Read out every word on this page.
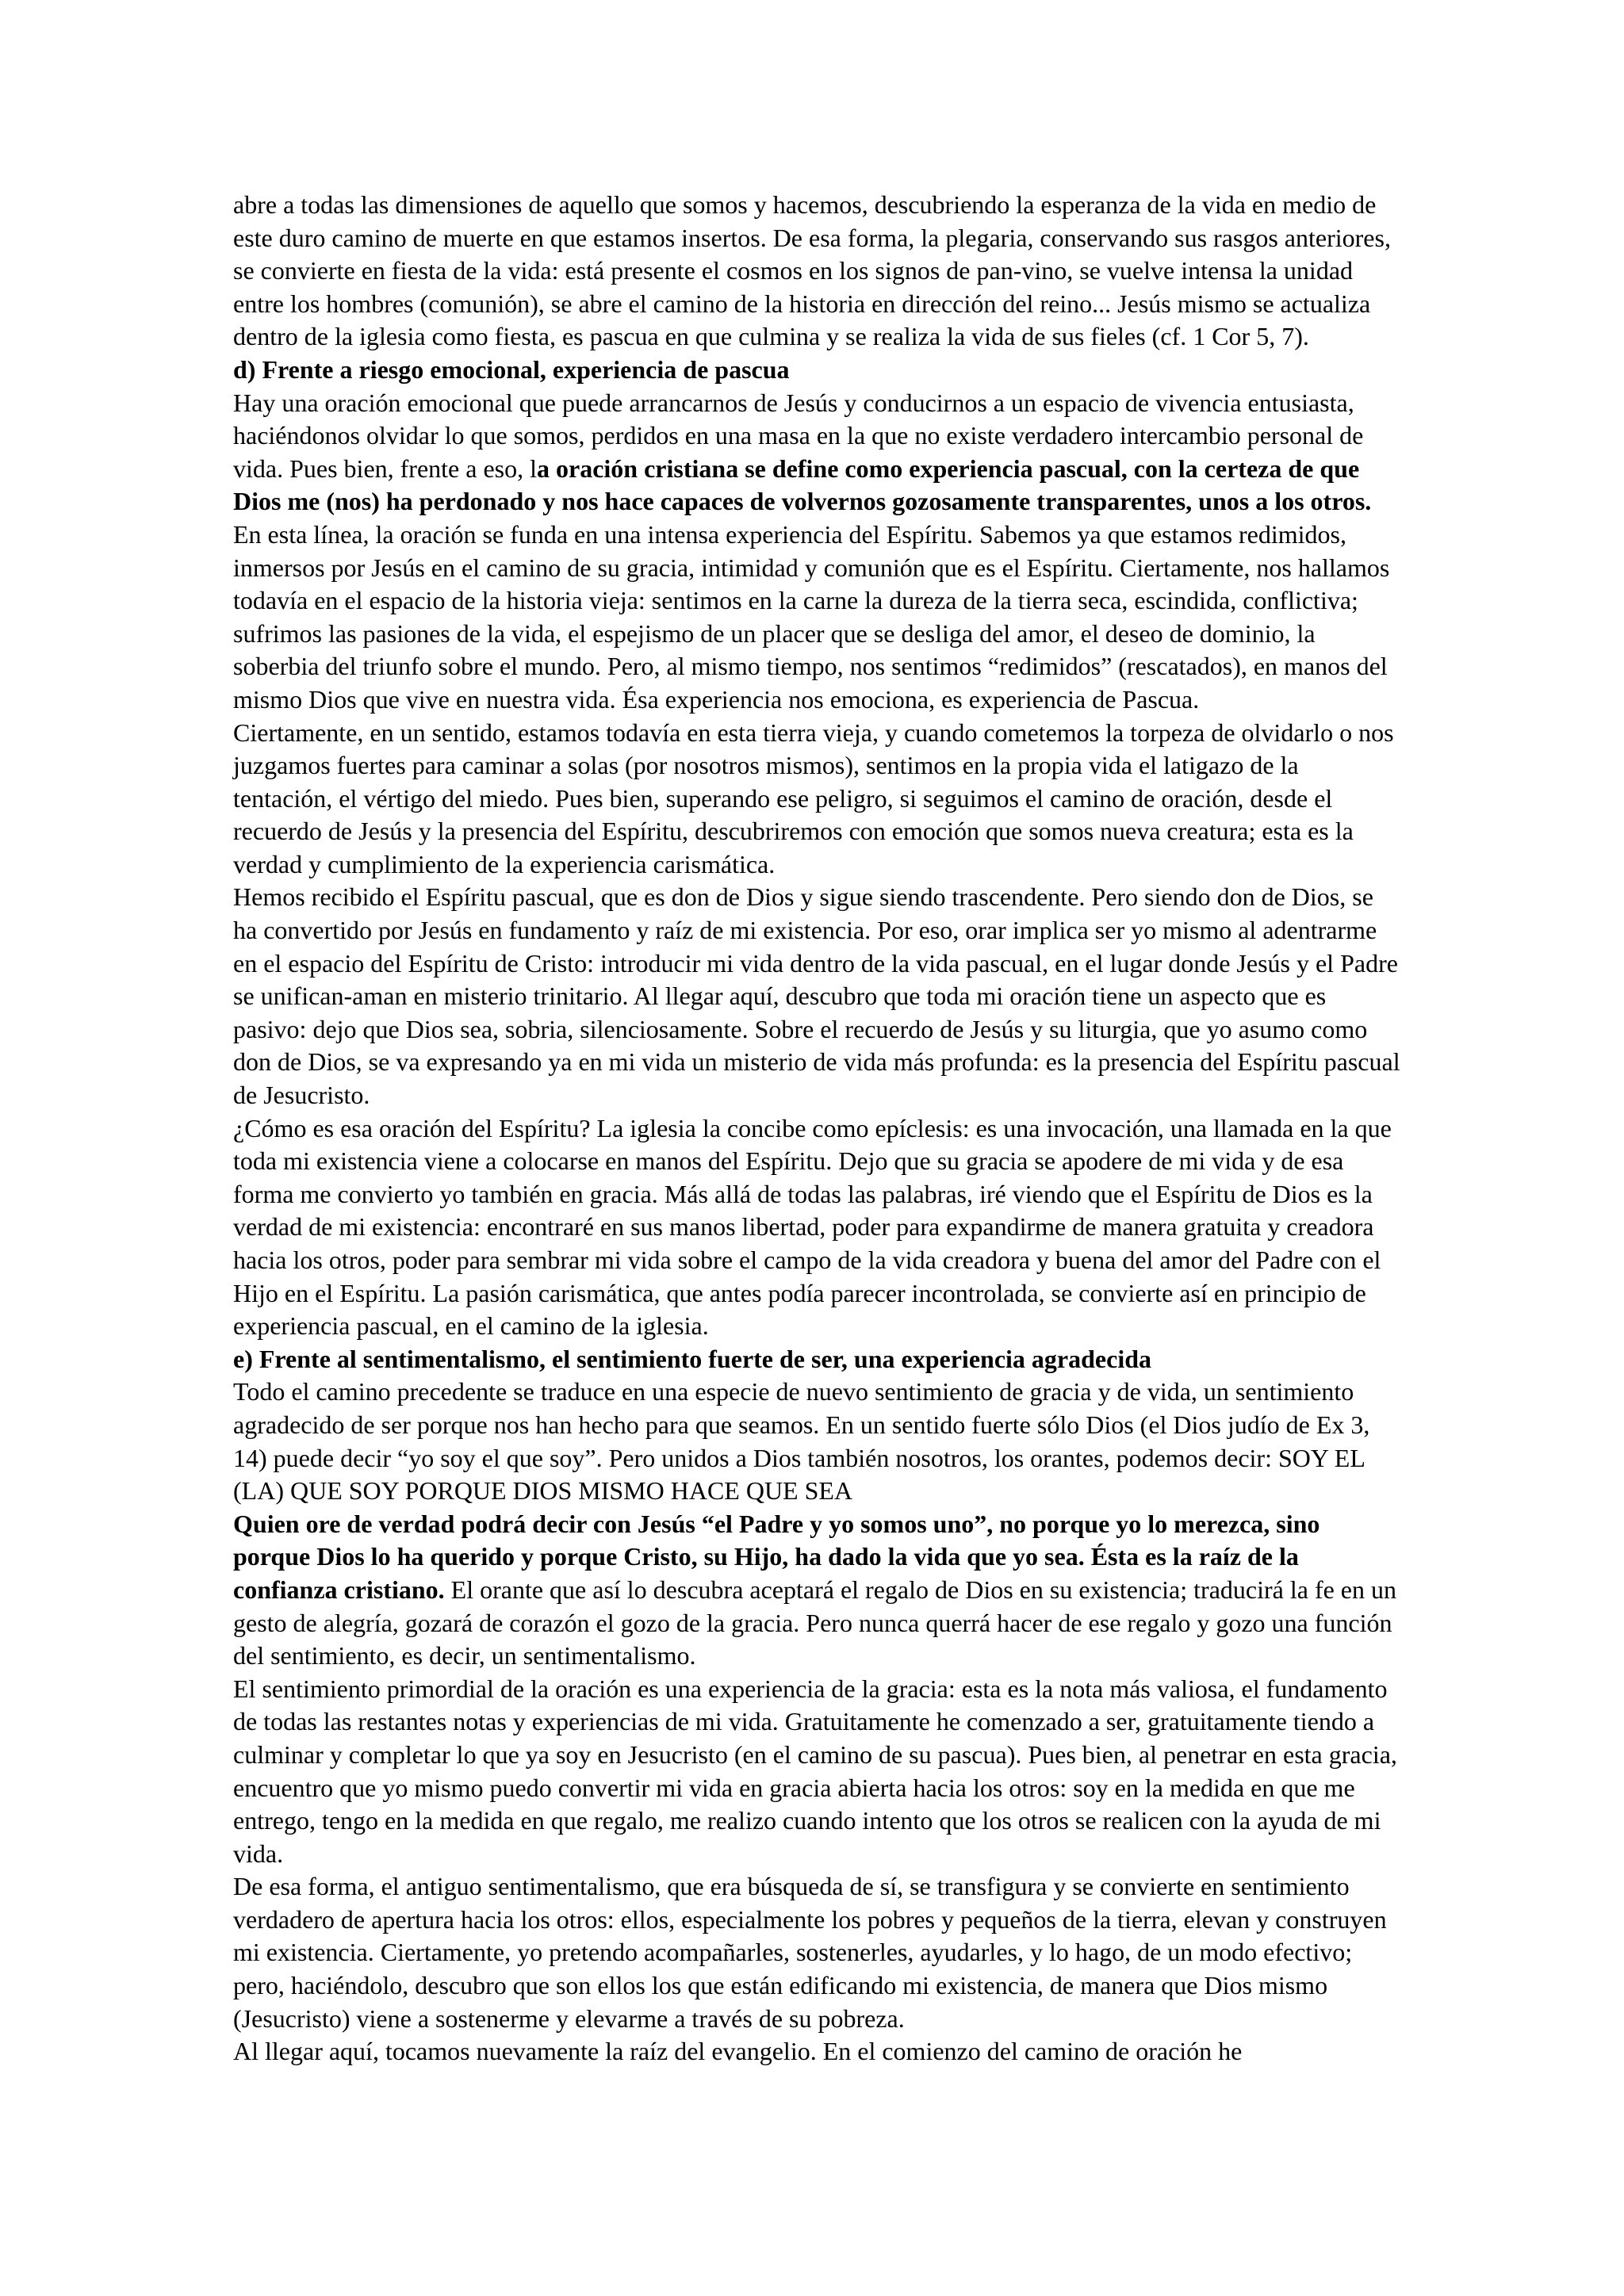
abre a todas las dimensiones de aquello que somos y hacemos, descubriendo la esperanza de la vida en medio de este duro camino de muerte en que estamos insertos. De esa forma, la plegaria, conservando sus rasgos anteriores, se convierte en fiesta de la vida: está presente el cosmos en los signos de pan-vino, se vuelve intensa la unidad entre los hombres (comunión), se abre el camino de la historia en dirección del reino... Jesús mismo se actualiza dentro de la iglesia como fiesta, es pascua en que culmina y se realiza la vida de sus fieles (cf. 1 Cor 5, 7).

d) Frente a riesgo emocional, experiencia de pascua

Hay una oración emocional que puede arrancarnos de Jesús y conducirnos a un espacio de vivencia entusiasta, haciéndonos olvidar lo que somos, perdidos en una masa en la que no existe verdadero intercambio personal de vida. Pues bien, frente a eso, la oración cristiana se define como experiencia pascual, con la certeza de que Dios me (nos) ha perdonado y nos hace capaces de volvernos gozosamente transparentes, unos a los otros.

En esta línea, la oración se funda en una intensa experiencia del Espíritu. Sabemos ya que estamos redimidos, inmersos por Jesús en el camino de su gracia, intimidad y comunión que es el Espíritu. Ciertamente, nos hallamos todavía en el espacio de la historia vieja: sentimos en la carne la dureza de la tierra seca, escindida, conflictiva; sufrimos las pasiones de la vida, el espejismo de un placer que se desliga del amor, el deseo de dominio, la soberbia del triunfo sobre el mundo. Pero, al mismo tiempo, nos sentimos “redimidos” (rescatados), en manos del mismo Dios que vive en nuestra vida. Ésa experiencia nos emociona, es experiencia de Pascua.

Ciertamente, en un sentido, estamos todavía en esta tierra vieja, y cuando cometemos la torpeza de olvidarlo o nos juzgamos fuertes para caminar a solas (por nosotros mismos), sentimos en la propia vida el latigazo de la tentación, el vértigo del miedo. Pues bien, superando ese peligro, si seguimos el camino de oración, desde el recuerdo de Jesús y la presencia del Espíritu, descubriremos con emoción que somos nueva creatura; esta es la verdad y cumplimiento de la experiencia carismática.

Hemos recibido el Espíritu pascual, que es don de Dios y sigue siendo trascendente. Pero siendo don de Dios, se ha convertido por Jesús en fundamento y raíz de mi existencia. Por eso, orar implica ser yo mismo al adentrarme en el espacio del Espíritu de Cristo: introducir mi vida dentro de la vida pascual, en el lugar donde Jesús y el Padre se unifican-aman en misterio trinitario. Al llegar aquí, descubro que toda mi oración tiene un aspecto que es pasivo: dejo que Dios sea, sobria, silenciosamente. Sobre el recuerdo de Jesús y su liturgia, que yo asumo como don de Dios, se va expresando ya en mi vida un misterio de vida más profunda: es la presencia del Espíritu pascual de Jesucristo.

¿Cómo es esa oración del Espíritu? La iglesia la concibe como epíclesis: es una invocación, una llamada en la que toda mi existencia viene a colocarse en manos del Espíritu. Dejo que su gracia se apodere de mi vida y de esa forma me convierto yo también en gracia. Más allá de todas las palabras, iré viendo que el Espíritu de Dios es la verdad de mi existencia: encontraré en sus manos libertad, poder para expandirme de manera gratuita y creadora hacia los otros, poder para sembrar mi vida sobre el campo de la vida creadora y buena del amor del Padre con el Hijo en el Espíritu. La pasión carismática, que antes podía parecer incontrolada, se convierte así en principio de experiencia pascual, en el camino de la iglesia.

e) Frente al sentimentalismo, el sentimiento fuerte de ser, una experiencia agradecida

Todo el camino precedente se traduce en una especie de nuevo sentimiento de gracia y de vida, un sentimiento agradecido de ser porque nos han hecho para que seamos. En un sentido fuerte sólo Dios (el Dios judío de Ex 3, 14) puede decir “yo soy el que soy”. Pero unidos a Dios también nosotros, los orantes, podemos decir: SOY EL (LA) QUE SOY PORQUE DIOS MISMO HACE QUE SEA

Quien ore de verdad podrá decir con Jesús “el Padre y yo somos uno”, no porque yo lo merezca, sino porque Dios lo ha querido y porque Cristo, su Hijo, ha dado la vida que yo sea. Ésta es la raíz de la confianza cristiano. El orante que así lo descubra aceptará el regalo de Dios en su existencia; traducirá la fe en un gesto de alegría, gozará de corazón el gozo de la gracia. Pero nunca querrá hacer de ese regalo y gozo una función del sentimiento, es decir, un sentimentalismo.

El sentimiento primordial de la oración es una experiencia de la gracia: esta es la nota más valiosa, el fundamento de todas las restantes notas y experiencias de mi vida. Gratuitamente he comenzado a ser, gratuitamente tiendo a culminar y completar lo que ya soy en Jesucristo (en el camino de su pascua). Pues bien, al penetrar en esta gracia, encuentro que yo mismo puedo convertir mi vida en gracia abierta hacia los otros: soy en la medida en que me entrego, tengo en la medida en que regalo, me realizo cuando intento que los otros se realicen con la ayuda de mi vida.

De esa forma, el antiguo sentimentalismo, que era búsqueda de sí, se transfigura y se convierte en sentimiento verdadero de apertura hacia los otros: ellos, especialmente los pobres y pequeños de la tierra, elevan y construyen mi existencia. Ciertamente, yo pretendo acompañarles, sostenerles, ayudarles, y lo hago, de un modo efectivo; pero, haciéndolo, descubro que son ellos los que están edificando mi existencia, de manera que Dios mismo (Jesucristo) viene a sostenerme y elevarme a través de su pobreza.

Al llegar aquí, tocamos nuevamente la raíz del evangelio. En el comienzo del camino de oración he
